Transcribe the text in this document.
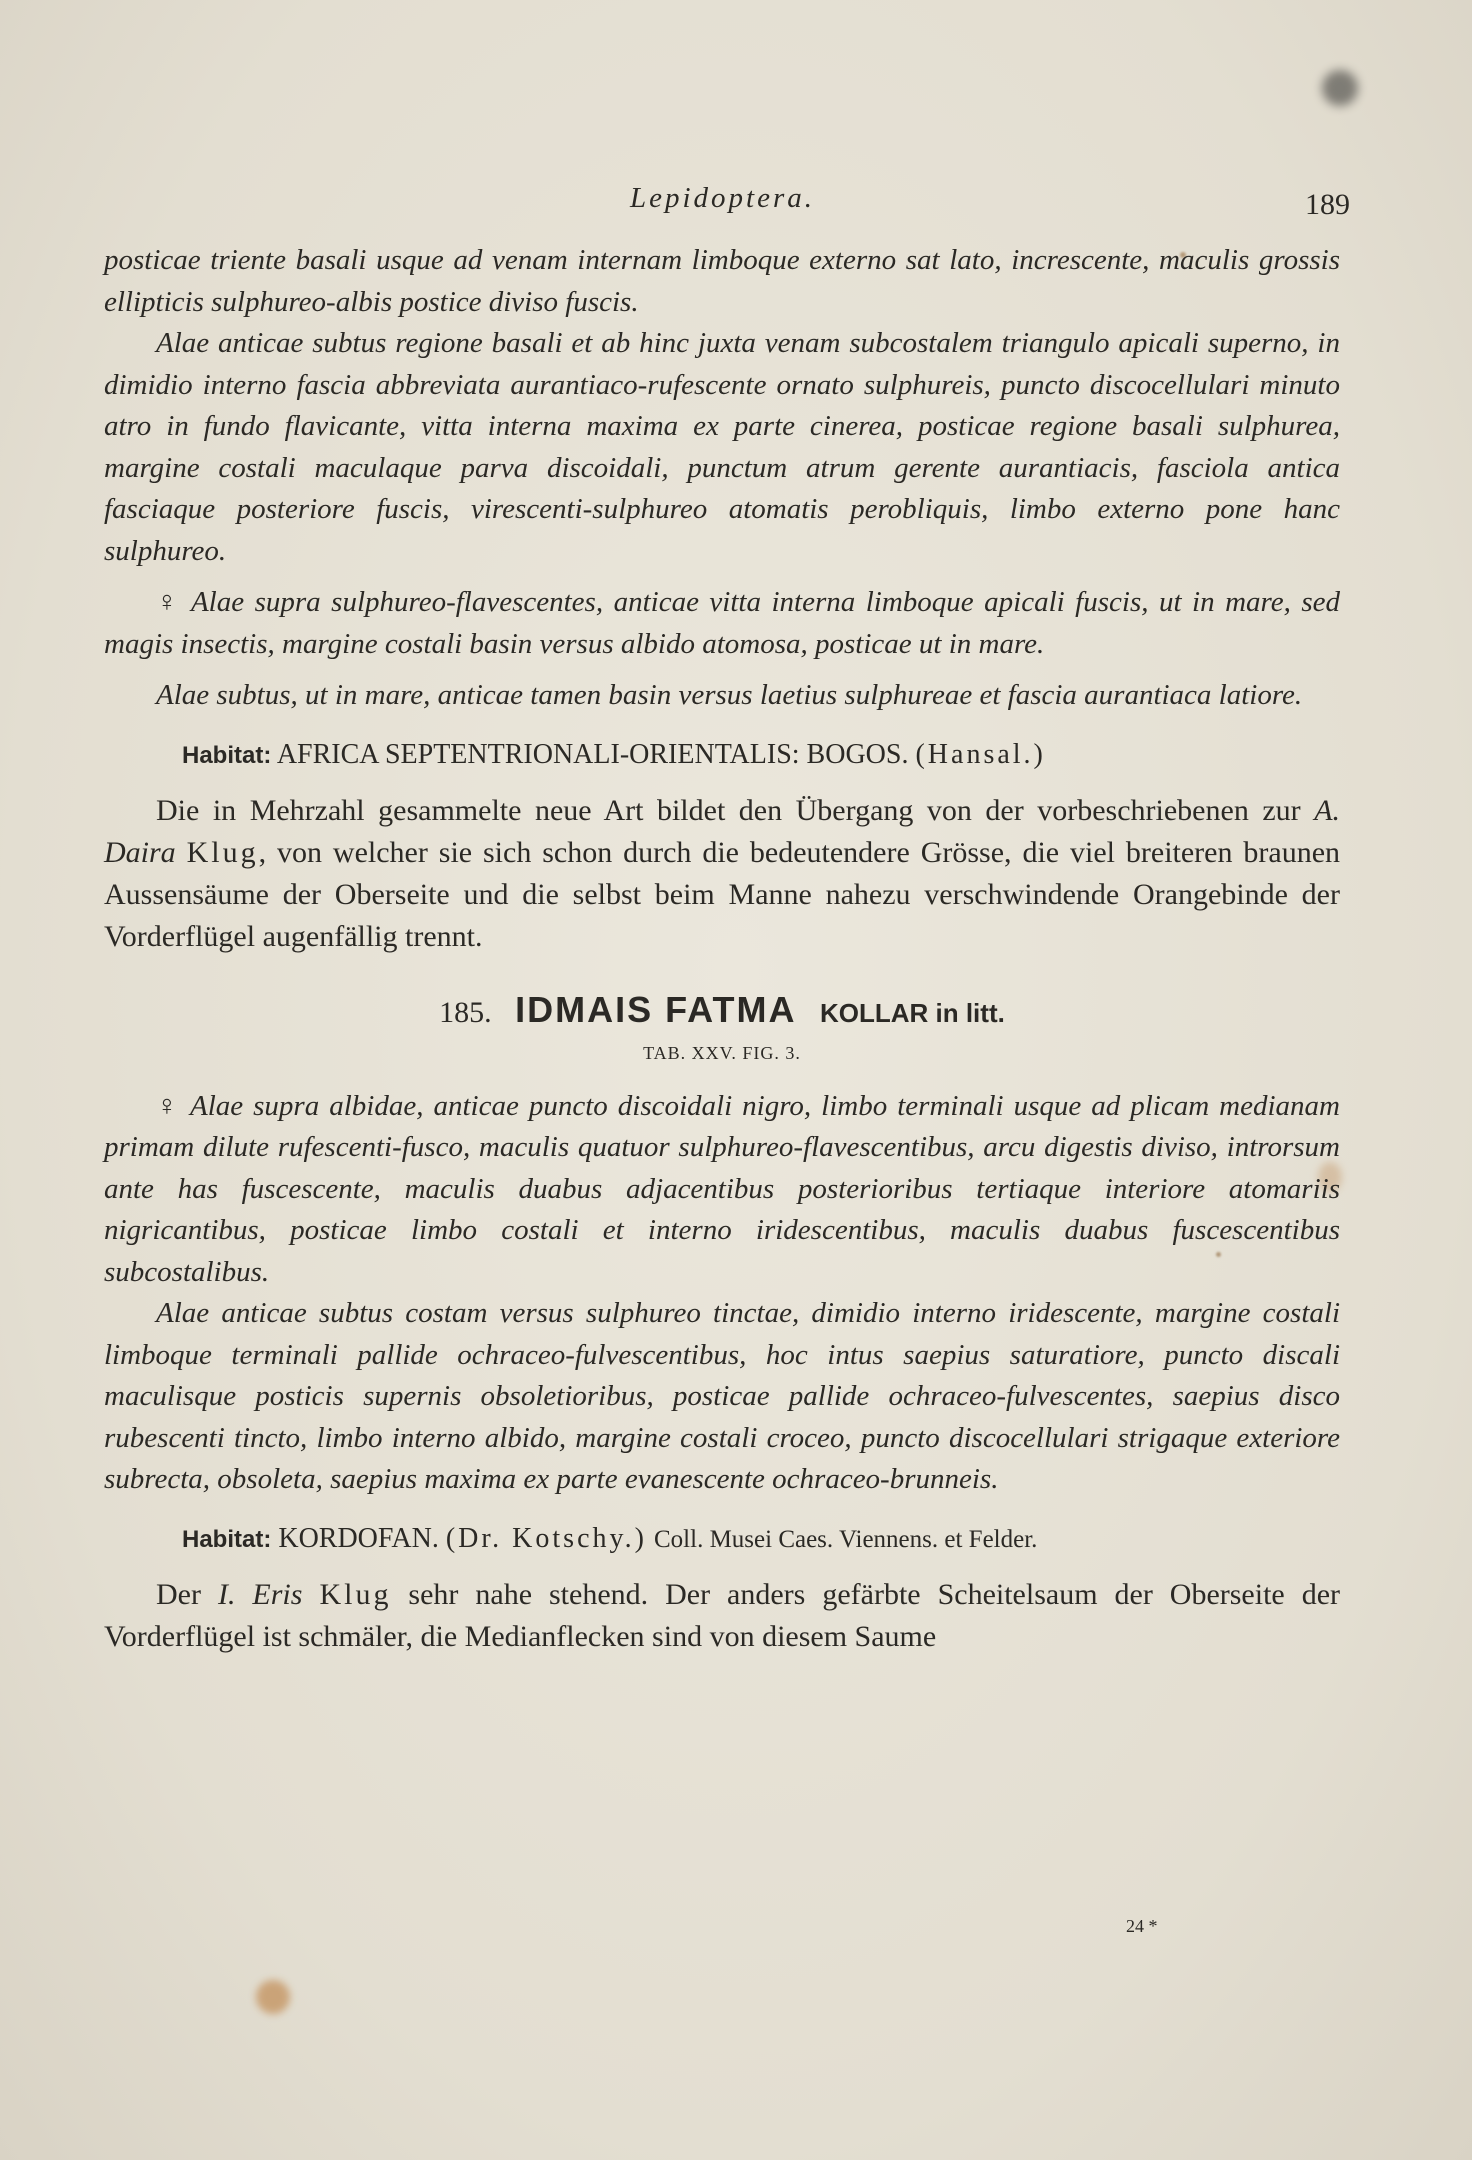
Lepidoptera.	189

posticae triente basali usque ad venam internam limboque externo sat lato, increscente, maculis grossis ellipticis sulphureo-albis postice diviso fuscis.

Alae anticae subtus regione basali et ab hinc juxta venam subcostalem triangulo apicali superno, in dimidio interno fascia abbreviata aurantiaco-rufescente ornato sulphureis, puncto discocellulari minuto atro in fundo flavicante, vitta interna maxima ex parte cinerea, posticae regione basali sulphurea, margine costali maculaque parva discoidali, punctum atrum gerente aurantiacis, fasciola antica fasciaque posteriore fuscis, virescenti-sulphureo atomatis perobliquis, limbo externo pone hanc sulphureo.

♀ Alae supra sulphureo-flavescentes, anticae vitta interna limboque apicali fuscis, ut in mare, sed magis insectis, margine costali basin versus albido atomosa, posticae ut in mare.

Alae subtus, ut in mare, anticae tamen basin versus laetius sulphureae et fascia aurantiaca latiore.

Habitat: AFRICA SEPTENTRIONALI-ORIENTALIS: BOGOS. (Hansal.)

Die in Mehrzahl gesammelte neue Art bildet den Übergang von der vorbeschriebenen zur A. Daira Klug, von welcher sie sich schon durch die bedeutendere Grösse, die viel breiteren braunen Aussensäume der Oberseite und die selbst beim Manne nahezu verschwindende Orangebinde der Vorderflügel augenfällig trennt.

185. IDMAIS FATMA KOLLAR in litt.
TAB. XXV. FIG. 3.

♀ Alae supra albidae, anticae puncto discoidali nigro, limbo terminali usque ad plicam medianam primam dilute rufescenti-fusco, maculis quatuor sulphureo-flavescentibus, arcu digestis diviso, introrsum ante has fuscescente, maculis duabus adjacentibus posterioribus tertiaque interiore atomariis nigricantibus, posticae limbo costali et interno iridescentibus, maculis duabus fuscescentibus subcostalibus.

Alae anticae subtus costam versus sulphureo tinctae, dimidio interno iridescente, margine costali limboque terminali pallide ochraceo-fulvescentibus, hoc intus saepius saturatiore, puncto discali maculisque posticis supernis obsoletioribus, posticae pallide ochraceo-fulvescentes, saepius disco rubescenti tincto, limbo interno albido, margine costali croceo, puncto discocellulari strigaque exteriore subrecta, obsoleta, saepius maxima ex parte evanescente ochraceo-brunneis.

Habitat: KORDOFAN. (Dr. Kotschy.) Coll. Musei Caes. Viennens. et Felder.

Der I. Eris Klug sehr nahe stehend. Der anders gefärbte Scheitelsaum der Oberseite der Vorderflügel ist schmäler, die Medianflecken sind von diesem Saume

24 *
